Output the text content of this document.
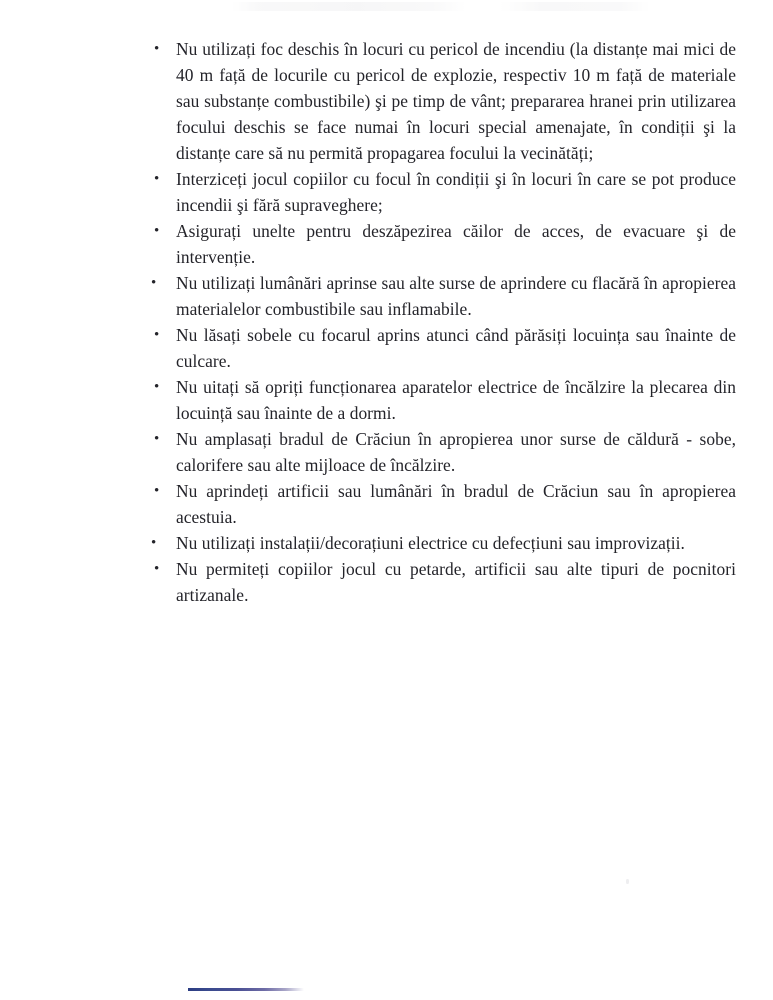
• Nu utilizați foc deschis în locuri cu pericol de incendiu (la distanțe mai mici de 40 m față de locurile cu pericol de explozie, respectiv 10 m față de materiale sau substanțe combustibile) şi pe timp de vânt; prepararea hranei prin utilizarea focului deschis se face numai în locuri special amenajate, în condiții şi la distanțe care să nu permită propagarea focului la vecinătăți;
• Interziceți jocul copiilor cu focul în condiții şi în locuri în care se pot produce incendii şi fără supraveghere;
• Asigurați unelte pentru deszăpezirea căilor de acces, de evacuare şi de intervenție.
• Nu utilizați lumânări aprinse sau alte surse de aprindere cu flacără în apropierea materialelor combustibile sau inflamabile.
• Nu lăsați sobele cu focarul aprins atunci când părăsiți locuința sau înainte de culcare.
• Nu uitați să opriți funcționarea aparatelor electrice de încălzire la plecarea din locuință sau înainte de a dormi.
• Nu amplasați bradul de Crăciun în apropierea unor surse de căldură - sobe, calorifere sau alte mijloace de încălzire.
• Nu aprindeți artificii sau lumânări în bradul de Crăciun sau în apropierea acestuia.
• Nu utilizați instalații/decorațiuni electrice cu defecțiuni sau improvizații.
• Nu permiteți copiilor jocul cu petarde, artificii sau alte tipuri de pocnitori artizanale.
